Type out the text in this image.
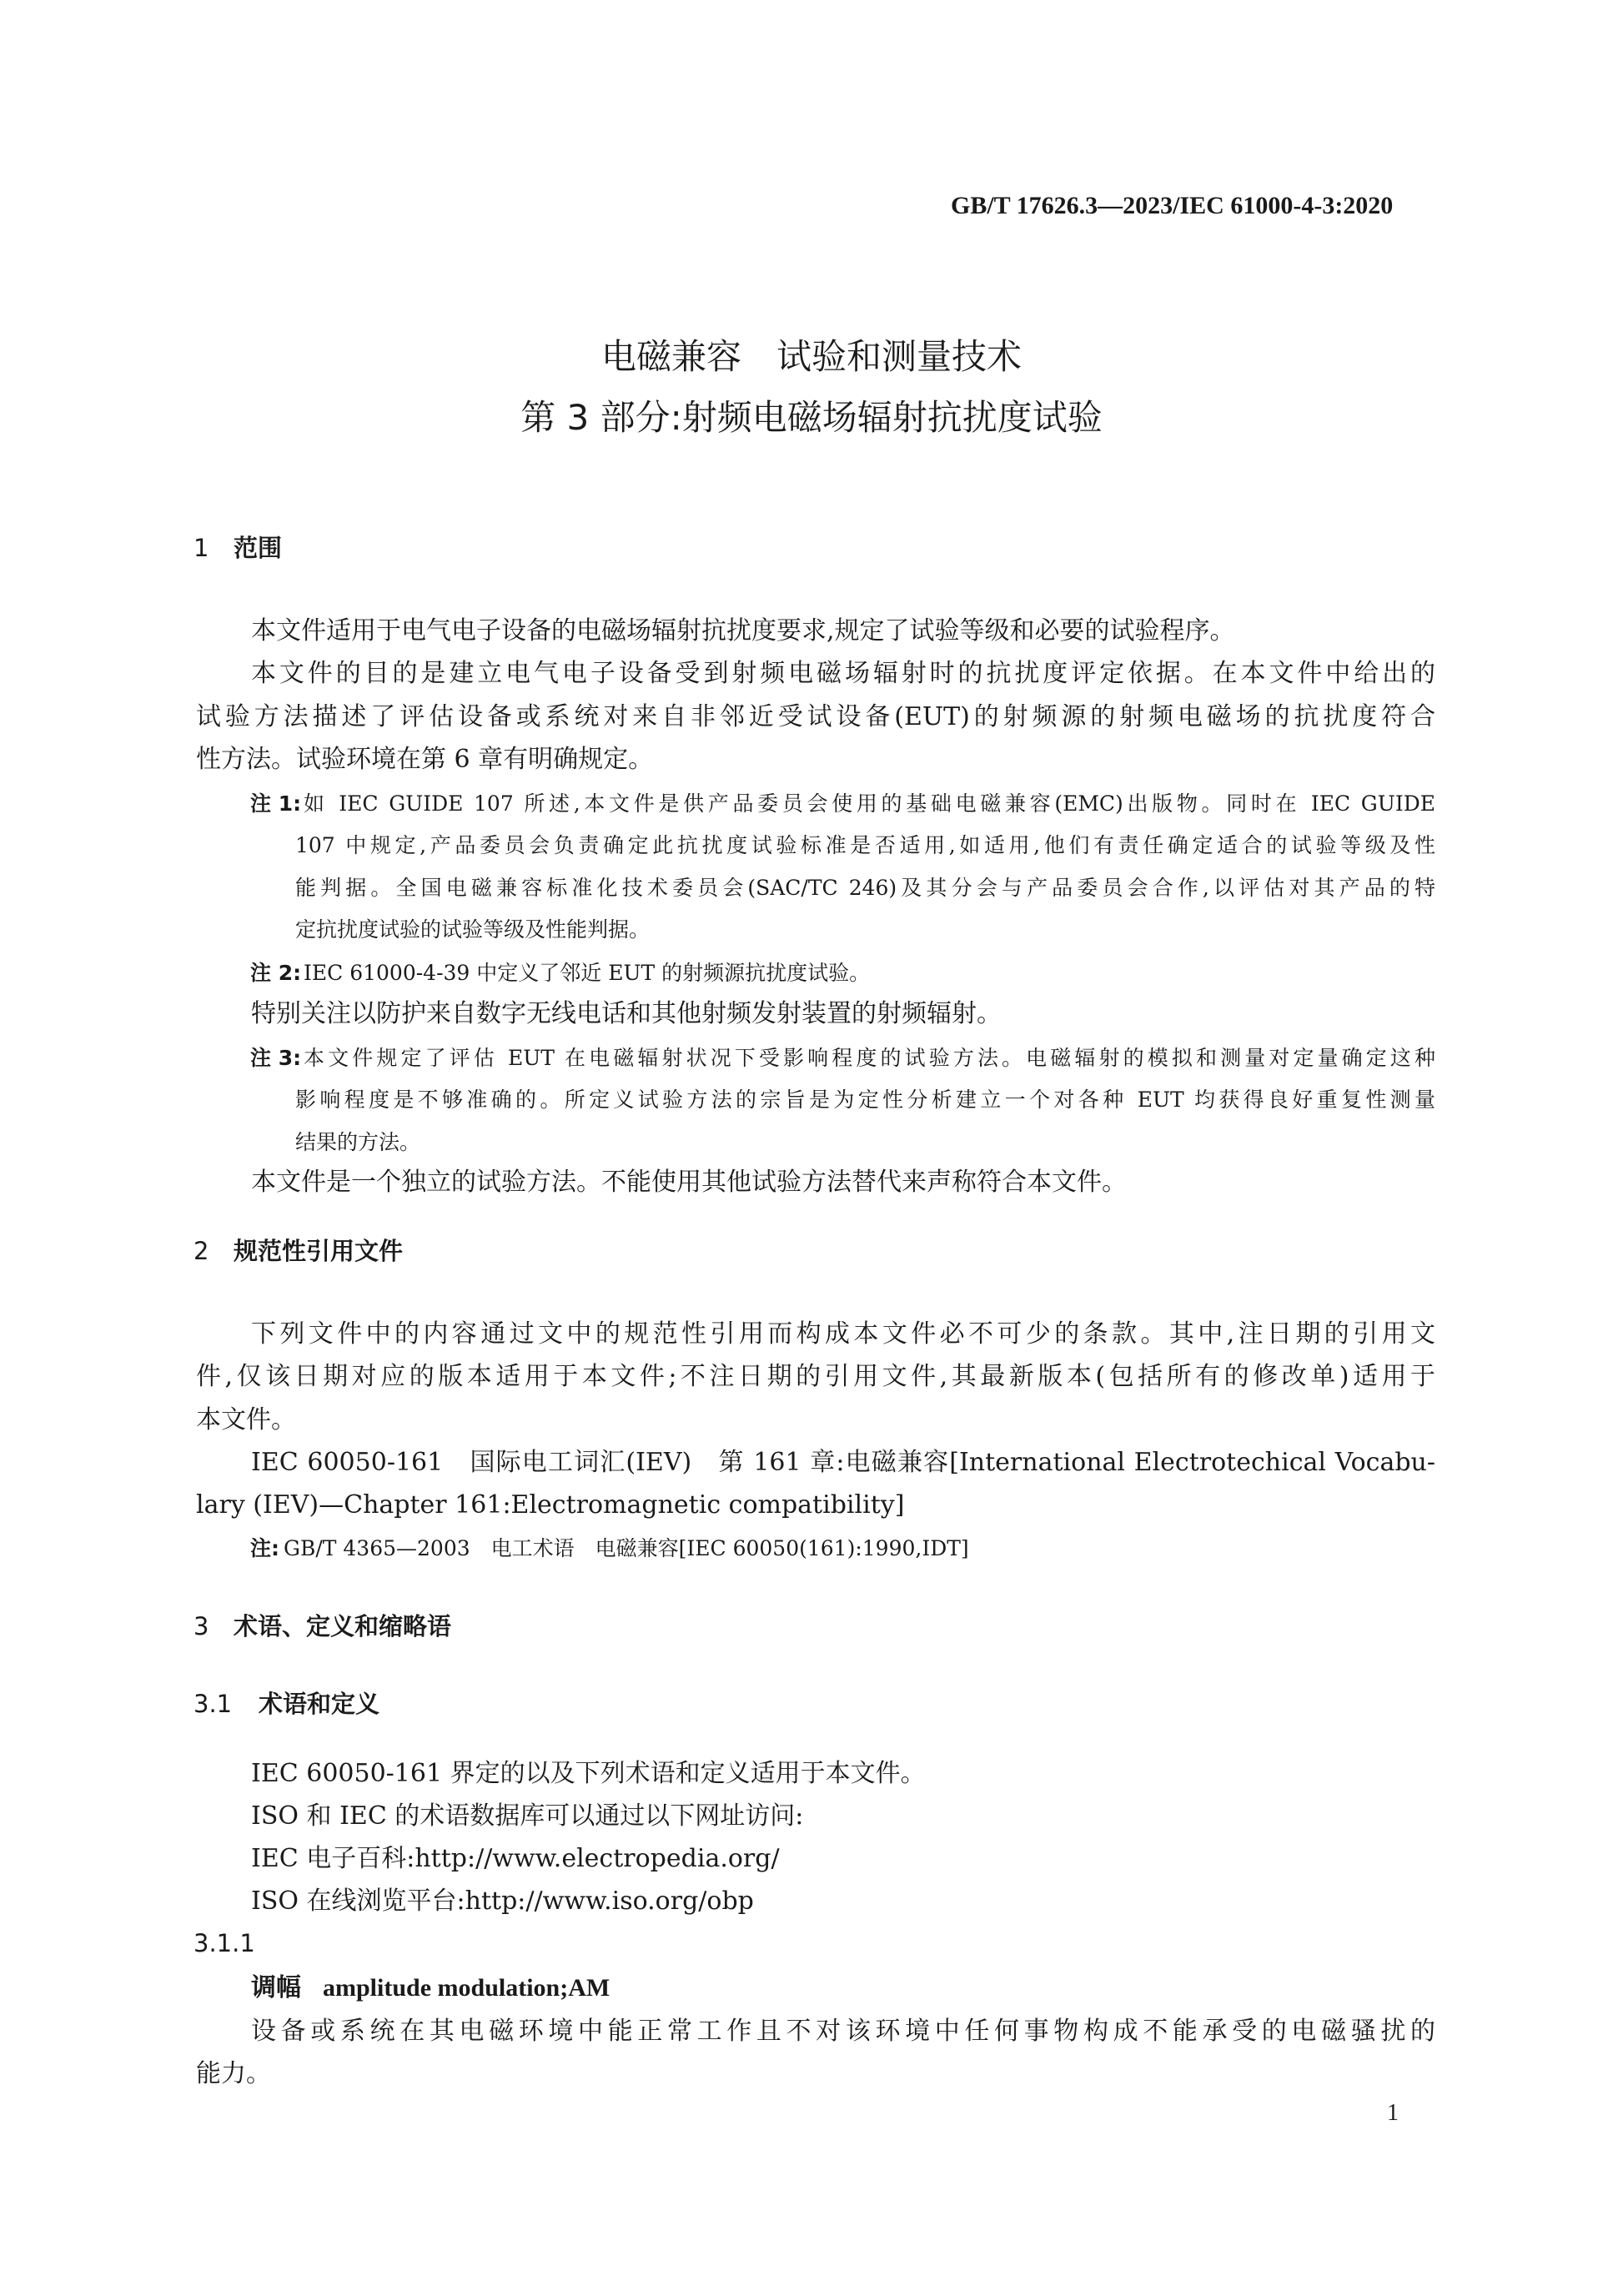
GB/T 17626.3—2023/IEC 61000-4-3:2020
电磁兼容　试验和测量技术
第 3 部分:射频电磁场辐射抗扰度试验
1 范围
本文件适用于电气电子设备的电磁场辐射抗扰度要求,规定了试验等级和必要的试验程序。
本文件的目的是建立电气电子设备受到射频电磁场辐射时的抗扰度评定依据。在本文件中给出的
试验方法描述了评估设备或系统对来自非邻近受试设备(EUT)的射频源的射频电磁场的抗扰度符合
性方法。试验环境在第 6 章有明确规定。
注 1: 如 IEC GUIDE 107 所述,本文件是供产品委员会使用的基础电磁兼容(EMC)出版物。同时在 IEC GUIDE
107 中规定,产品委员会负责确定此抗扰度试验标准是否适用,如适用,他们有责任确定适合的试验等级及性
能判据。全国电磁兼容标准化技术委员会(SAC/TC 246)及其分会与产品委员会合作,以评估对其产品的特
定抗扰度试验的试验等级及性能判据。
注 2: IEC 61000-4-39 中定义了邻近 EUT 的射频源抗扰度试验。
特别关注以防护来自数字无线电话和其他射频发射装置的射频辐射。
注 3: 本文件规定了评估 EUT 在电磁辐射状况下受影响程度的试验方法。电磁辐射的模拟和测量对定量确定这种
影响程度是不够准确的。所定义试验方法的宗旨是为定性分析建立一个对各种 EUT 均获得良好重复性测量
结果的方法。
本文件是一个独立的试验方法。不能使用其他试验方法替代来声称符合本文件。
2 规范性引用文件
下列文件中的内容通过文中的规范性引用而构成本文件必不可少的条款。其中,注日期的引用文
件,仅该日期对应的版本适用于本文件;不注日期的引用文件,其最新版本(包括所有的修改单)适用于
本文件。
IEC 60050-161　国际电工词汇(IEV)　第 161 章:电磁兼容[International Electrotechical Vocabu-
lary (IEV)—Chapter 161:Electromagnetic compatibility]
注: GB/T 4365—2003　电工术语　电磁兼容[IEC 60050(161):1990,IDT]
3 术语、定义和缩略语
3.1 术语和定义
IEC 60050-161 界定的以及下列术语和定义适用于本文件。
ISO 和 IEC 的术语数据库可以通过以下网址访问:
IEC 电子百科:http://www.electropedia.org/
ISO 在线浏览平台:http://www.iso.org/obp
3.1.1
调幅 amplitude modulation;AM
设备或系统在其电磁环境中能正常工作且不对该环境中任何事物构成不能承受的电磁骚扰的
能力。
1
